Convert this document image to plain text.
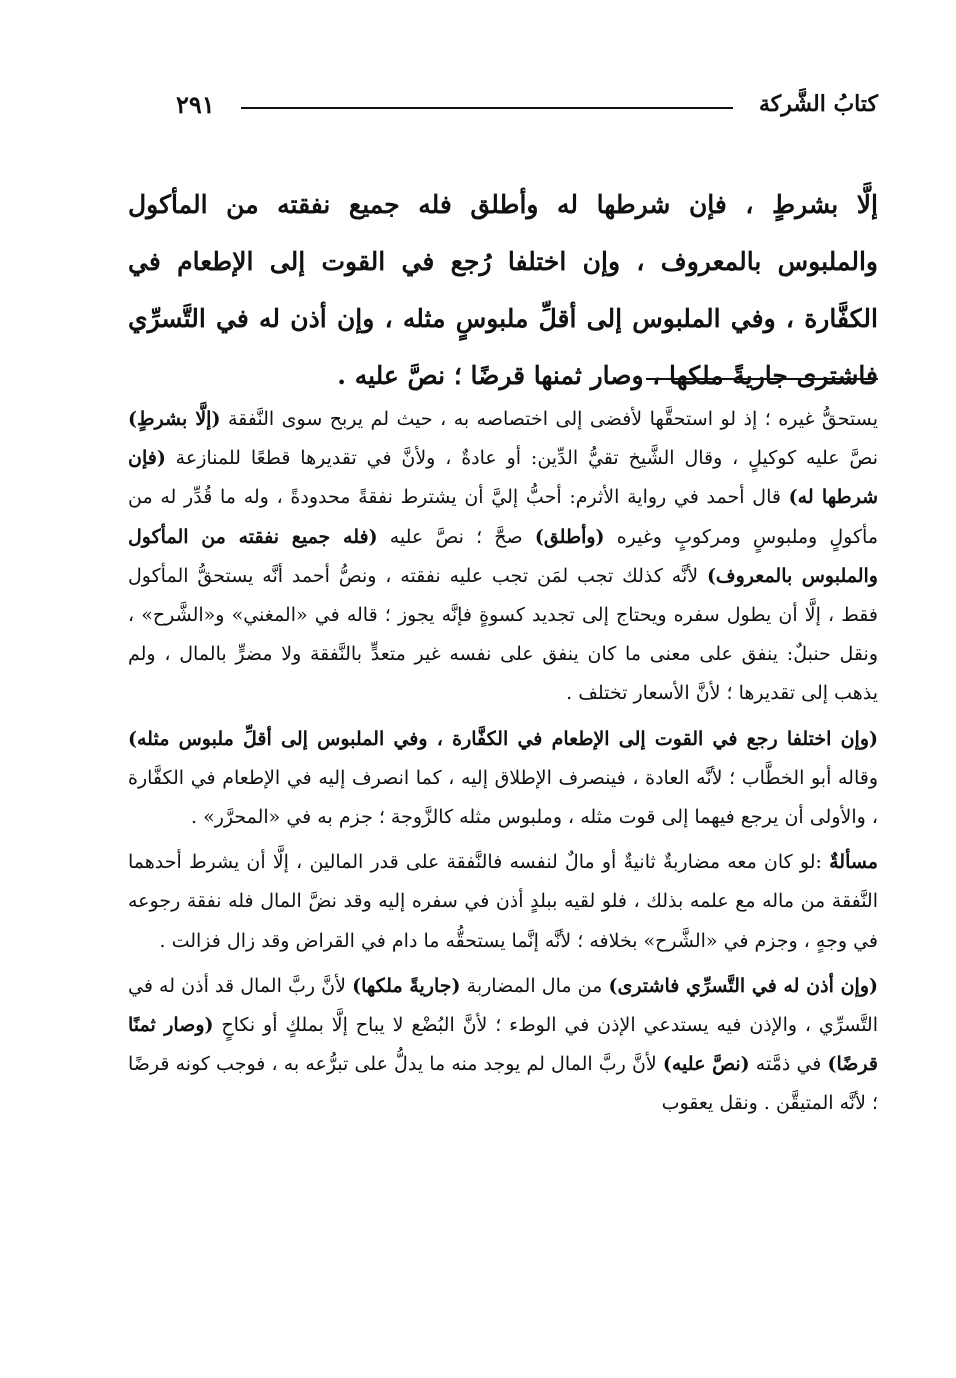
كتابُ الشَّركة
٢٩١

إلَّا بشرطٍ ، فإن شرطها له وأطلق فله جميع نفقته من المأكول والملبوس بالمعروف ، وإن اختلفا رُجع في القوت إلى الإطعام في الكفَّارة ، وفي الملبوس إلى أقلِّ ملبوسٍ مثله ، وإن أذن له في التَّسرِّي فاشترى جاريةً ملكها ، وصار ثمنها قرضًا ؛ نصَّ عليه .

يستحقُّ غيره ؛ إذ لو استحقَّها لأفضى إلى اختصاصه به ، حيث لم يربح سوى النَّفقة (إلَّا بشرطٍ) نصَّ عليه كوكيلٍ ، وقال الشَّيخ تقيُّ الدِّين: أو عادةٌ ، ولأنَّ في تقديرها قطعًا للمنازعة (فإن شرطها له) قال أحمد في رواية الأثرم: أحبُّ إليَّ أن يشترط نفقةً محدودةً ، وله ما قُدِّر له من مأكولٍ وملبوسٍ ومركوبٍ وغيره (وأطلق) صحَّ ؛ نصَّ عليه (فله جميع نفقته من المأكول والملبوس بالمعروف) لأنَّه كذلك تجب لمَن تجب عليه نفقته ، ونصُّ أحمد أنَّه يستحقُّ المأكول فقط ، إلَّا أن يطول سفره ويحتاج إلى تجديد كسوةٍ فإنَّه يجوز ؛ قاله في «المغني» و«الشَّرح» ، ونقل حنبلٌ: ينفق على معنى ما كان ينفق على نفسه غير متعدٍّ بالنَّفقة ولا مضرٍّ بالمال ، ولم يذهب إلى تقديرها ؛ لأنَّ الأسعار تختلف .

(وإن اختلفا رجع في القوت إلى الإطعام في الكفَّارة ، وفي الملبوس إلى أقلِّ ملبوس مثله) وقاله أبو الخطَّاب ؛ لأنَّه العادة ، فينصرف الإطلاق إليه ، كما انصرف إليه في الإطعام في الكفَّارة ، والأولى أن يرجع فيهما إلى قوت مثله ، وملبوس مثله كالزَّوجة ؛ جزم به في «المحرَّر» .

مسألةٌ :لو كان معه مضاربةٌ ثانيةٌ أو مالٌ لنفسه فالنَّفقة على قدر المالين ، إلَّا أن يشرط أحدهما النَّفقة من ماله مع علمه بذلك ، فلو لقيه ببلدٍ أذن في سفره إليه وقد نضَّ المال فله نفقة رجوعه في وجهٍ ، وجزم في «الشَّرح» بخلافه ؛ لأنَّه إنَّما يستحقُّه ما دام في القراض وقد زال فزالت .

(وإن أذن له في التَّسرِّي فاشترى) من مال المضاربة (جاريةً ملكها) لأنَّ ربَّ المال قد أذن له في التَّسرِّي ، والإذن فيه يستدعي الإذن في الوطء ؛ لأنَّ البُضْع لا يباح إلَّا بملكٍ أو نكاحٍ (وصار ثمنًا قرضًا) في ذمَّته (نصَّ عليه) لأنَّ ربَّ المال لم يوجد منه ما يدلُّ على تبرُّعه به ، فوجب كونه قرضًا ؛ لأنَّه المتيقَّن . ونقل يعقوب
